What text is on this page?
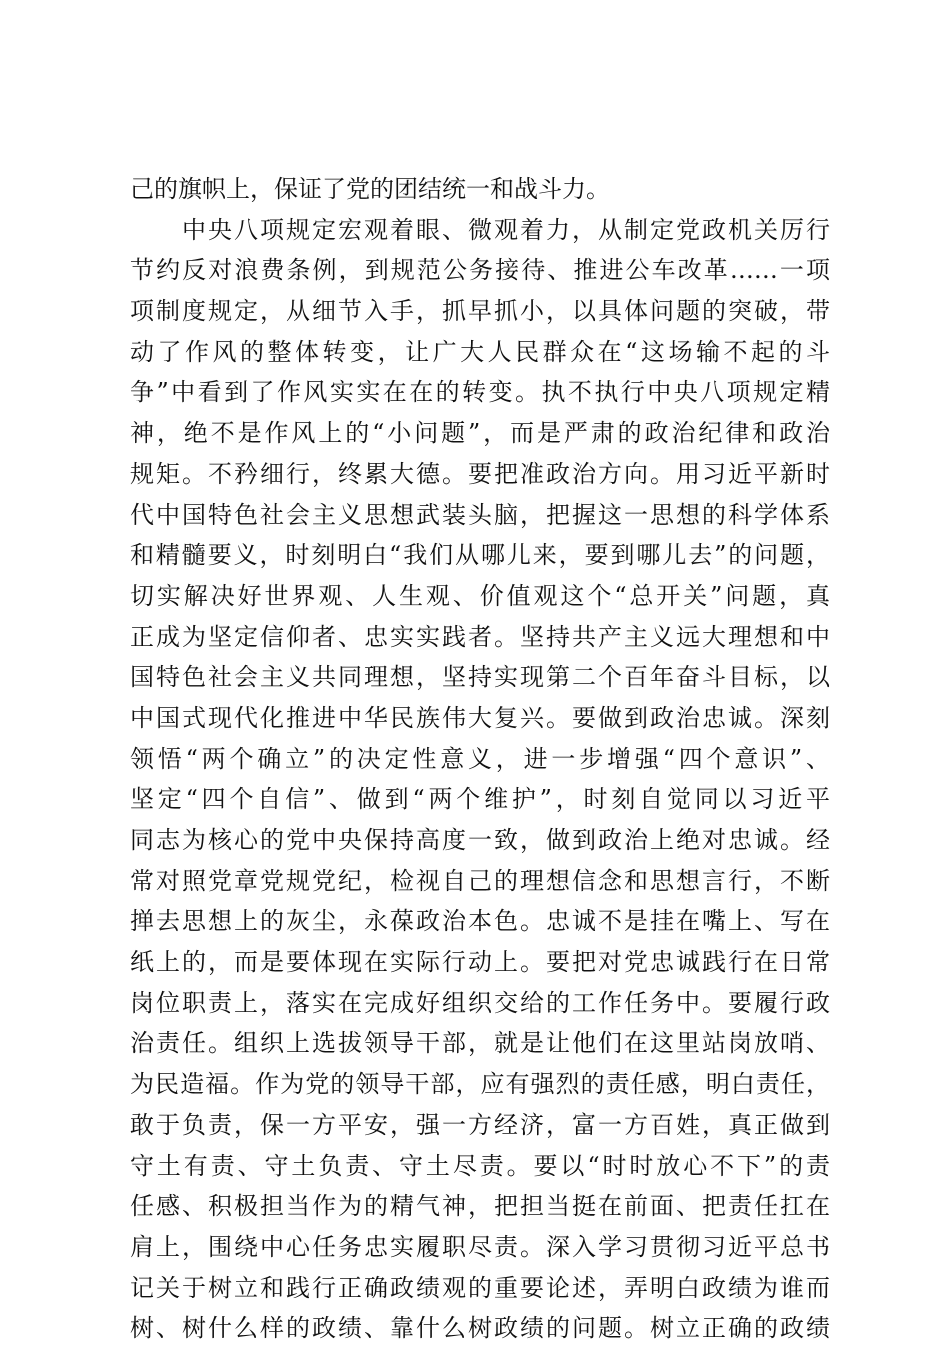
己的旗帜上，保证了党的团结统一和战斗力。
　　中央八项规定宏观着眼、微观着力，从制定党政机关厉行
节约反对浪费条例，到规范公务接待、推进公车改革……一项
项制度规定，从细节入手，抓早抓小，以具体问题的突破，带
动了作风的整体转变，让广大人民群众在“这场输不起的斗
争”中看到了作风实实在在的转变。执不执行中央八项规定精
神，绝不是作风上的“小问题”，而是严肃的政治纪律和政治
规矩。不矜细行，终累大德。要把准政治方向。用习近平新时
代中国特色社会主义思想武装头脑，把握这一思想的科学体系
和精髓要义，时刻明白“我们从哪儿来，要到哪儿去”的问题，
切实解决好世界观、人生观、价值观这个“总开关”问题，真
正成为坚定信仰者、忠实实践者。坚持共产主义远大理想和中
国特色社会主义共同理想，坚持实现第二个百年奋斗目标，以
中国式现代化推进中华民族伟大复兴。要做到政治忠诚。深刻
领悟“两个确立”的决定性意义，进一步增强“四个意识”、
坚定“四个自信”、做到“两个维护”，时刻自觉同以习近平
同志为核心的党中央保持高度一致，做到政治上绝对忠诚。经
常对照党章党规党纪，检视自己的理想信念和思想言行，不断
掸去思想上的灰尘，永葆政治本色。忠诚不是挂在嘴上、写在
纸上的，而是要体现在实际行动上。要把对党忠诚践行在日常
岗位职责上，落实在完成好组织交给的工作任务中。要履行政
治责任。组织上选拔领导干部，就是让他们在这里站岗放哨、
为民造福。作为党的领导干部，应有强烈的责任感，明白责任，
敢于负责，保一方平安，强一方经济，富一方百姓，真正做到
守土有责、守土负责、守土尽责。要以“时时放心不下”的责
任感、积极担当作为的精气神，把担当挺在前面、把责任扛在
肩上，围绕中心任务忠实履职尽责。深入学习贯彻习近平总书
记关于树立和践行正确政绩观的重要论述，弄明白政绩为谁而
树、树什么样的政绩、靠什么树政绩的问题。树立正确的政绩
